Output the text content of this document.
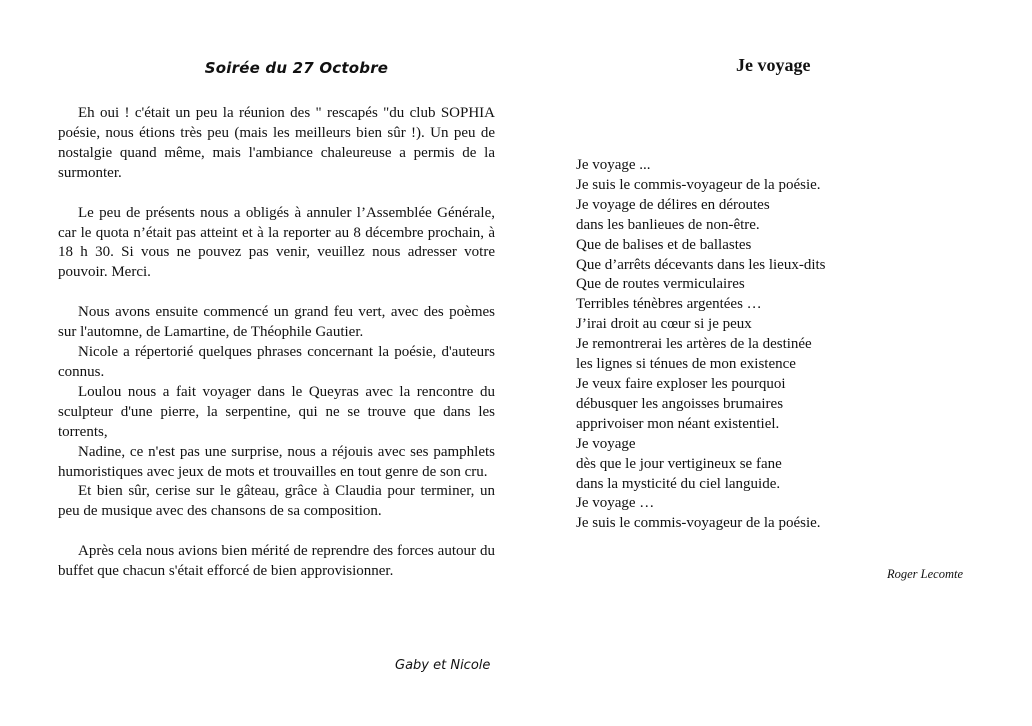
Soirée du 27 Octobre

Eh oui ! c'était un peu la réunion des " rescapés "du club SOPHIA poésie, nous étions très peu (mais les meilleurs bien sûr !). Un peu de nostalgie quand même, mais l'ambiance chaleureuse a permis de la surmonter.

Le peu de présents nous a obligés à annuler l’Assemblée Générale, car le quota n’était pas atteint et à la reporter au 8 décembre prochain, à 18 h 30. Si vous ne pouvez pas venir, veuillez nous adresser votre pouvoir. Merci.

Nous avons ensuite commencé un grand feu vert, avec des poèmes sur l'automne, de Lamartine, de Théophile Gautier.

Nicole a répertorié quelques phrases concernant la poésie, d'auteurs connus.

Loulou nous a fait voyager dans le Queyras avec la rencontre du sculpteur d'une pierre, la serpentine, qui ne se trouve que dans les torrents,

Nadine, ce n'est pas une surprise, nous a réjouis avec ses pamphlets humoristiques avec jeux de mots et trouvailles en tout genre de son cru.

Et bien sûr, cerise sur le gâteau, grâce à Claudia pour terminer, un peu de musique avec des chansons de sa composition.

Après cela nous avions bien mérité de reprendre des forces autour du buffet que chacun s'était efforcé de bien approvisionner.

Gaby et Nicole
Je voyage
Je voyage ...
Je suis le commis-voyageur de la poésie.
Je voyage de délires en déroutes
dans les banlieues de non-être.
Que de balises et de ballastes
Que d’arrêts décevants dans les lieux-dits
Que de routes vermiculaires
Terribles ténèbres argentées …
J’irai droit au cœur si je peux
Je remontrerai les artères de la destinée
les lignes si ténues de mon existence
Je veux faire exploser les pourquoi
débusquer les angoisses brumaires
apprivoiser mon néant existentiel.
Je voyage
dès que le jour vertigineux se fane
dans la mysticité du ciel languide.
Je voyage …
Je suis le commis-voyageur de la poésie.
Roger Lecomte
